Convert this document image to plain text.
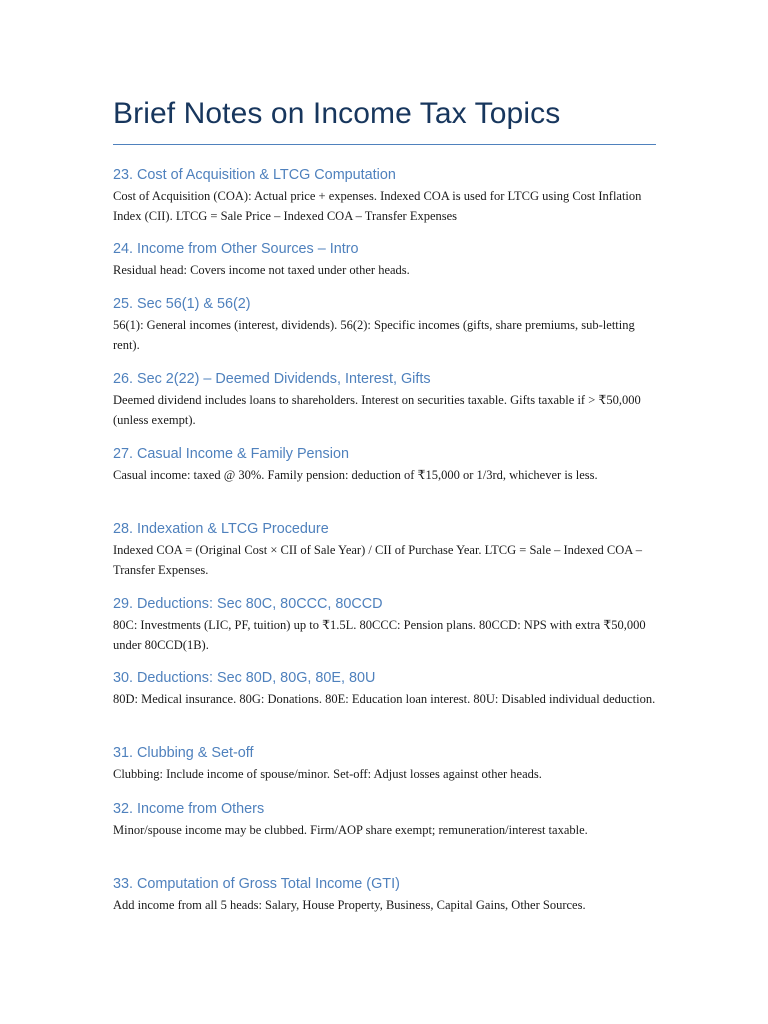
Brief Notes on Income Tax Topics
23. Cost of Acquisition & LTCG Computation

Cost of Acquisition (COA): Actual price + expenses. Indexed COA is used for LTCG using Cost Inflation Index (CII). LTCG = Sale Price – Indexed COA – Transfer Expenses

24. Income from Other Sources – Intro

Residual head: Covers income not taxed under other heads.

25. Sec 56(1) & 56(2)

56(1): General incomes (interest, dividends). 56(2): Specific incomes (gifts, share premiums, sub-letting rent).

26. Sec 2(22) – Deemed Dividends, Interest, Gifts

Deemed dividend includes loans to shareholders. Interest on securities taxable. Gifts taxable if > ₹50,000 (unless exempt).

27. Casual Income & Family Pension

Casual income: taxed @ 30%. Family pension: deduction of ₹15,000 or 1/3rd, whichever is less.

28. Indexation & LTCG Procedure

Indexed COA = (Original Cost × CII of Sale Year) / CII of Purchase Year. LTCG = Sale – Indexed COA – Transfer Expenses.

29. Deductions: Sec 80C, 80CCC, 80CCD

80C: Investments (LIC, PF, tuition) up to ₹1.5L. 80CCC: Pension plans. 80CCD: NPS with extra ₹50,000 under 80CCD(1B).

30. Deductions: Sec 80D, 80G, 80E, 80U

80D: Medical insurance. 80G: Donations. 80E: Education loan interest. 80U: Disabled individual deduction.

31. Clubbing & Set-off

Clubbing: Include income of spouse/minor. Set-off: Adjust losses against other heads.

32. Income from Others

Minor/spouse income may be clubbed. Firm/AOP share exempt; remuneration/interest taxable.

33. Computation of Gross Total Income (GTI)

Add income from all 5 heads: Salary, House Property, Business, Capital Gains, Other Sources.
